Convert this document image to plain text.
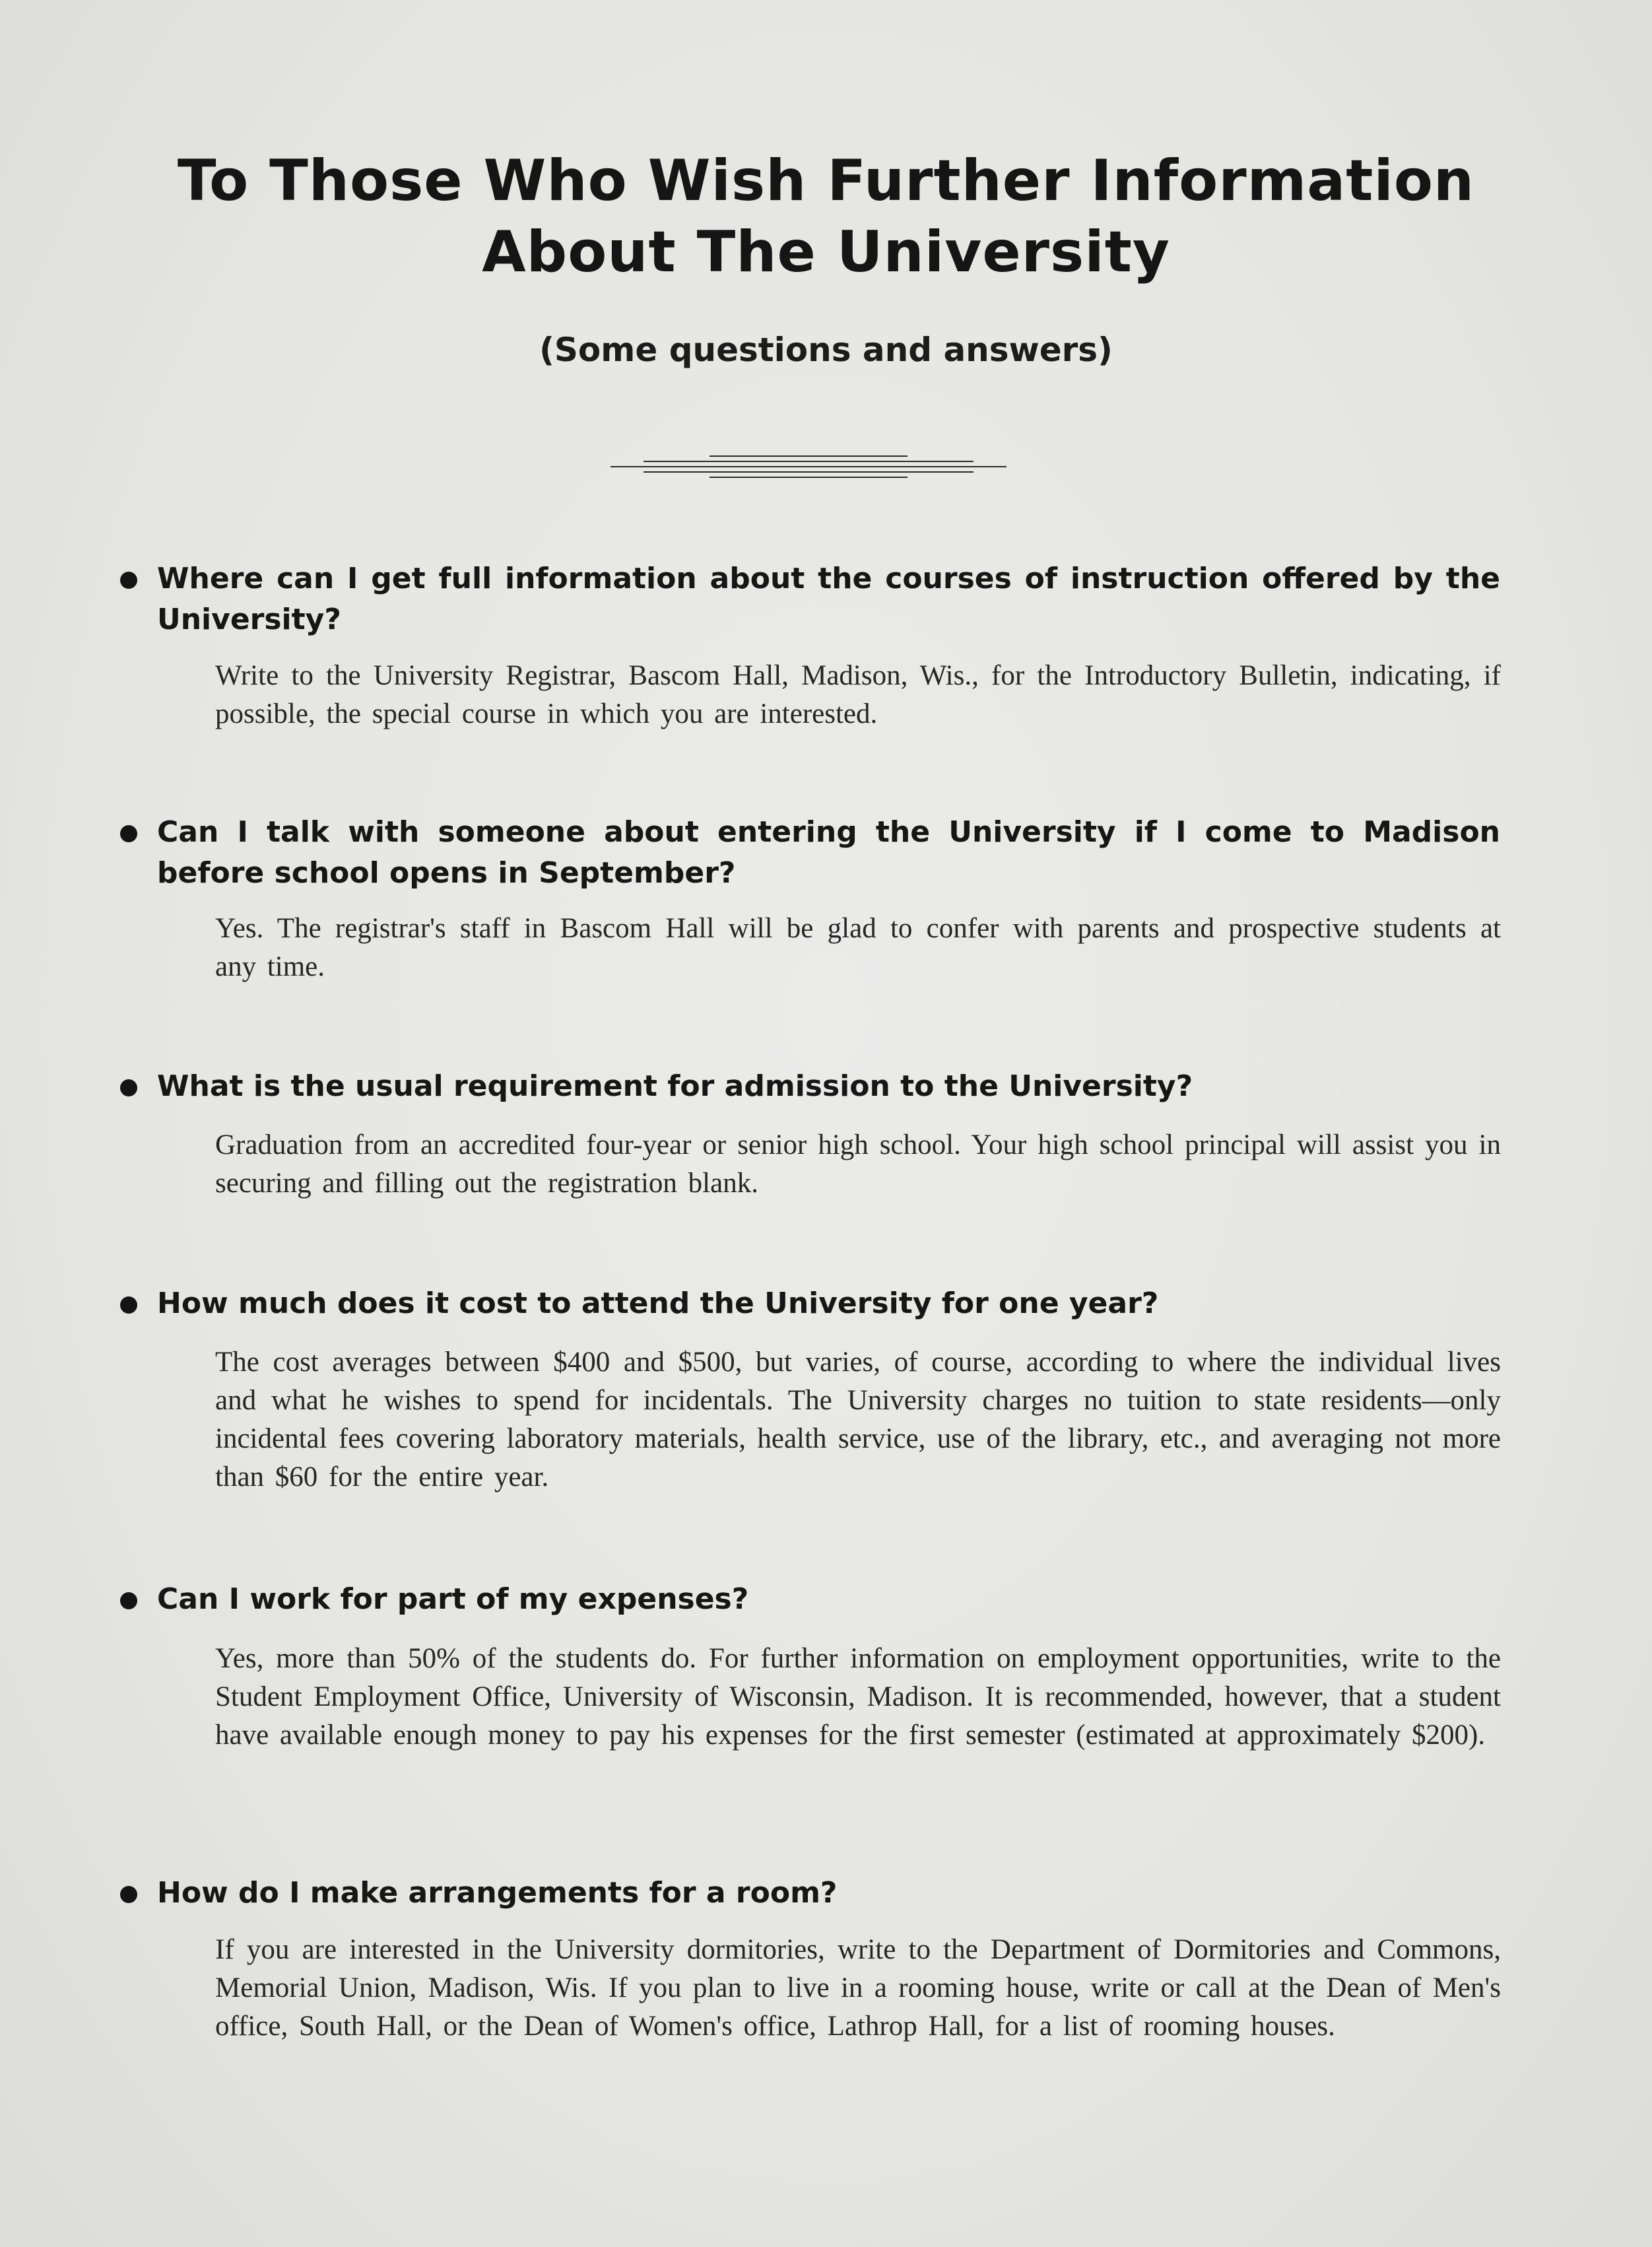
To Those Who Wish Further Information
About The University
(Some questions and answers)

Where can I get full information about the courses of instruction offered by the University?

Write to the University Registrar, Bascom Hall, Madison, Wis., for the Introductory Bulletin, indicating, if possible, the special course in which you are interested.

Can I talk with someone about entering the University if I come to Madison before school opens in September?

Yes. The registrar's staff in Bascom Hall will be glad to confer with parents and prospective students at any time.

What is the usual requirement for admission to the University?

Graduation from an accredited four-year or senior high school. Your high school principal will assist you in securing and filling out the registration blank.

How much does it cost to attend the University for one year?

The cost averages between $400 and $500, but varies, of course, according to where the individual lives and what he wishes to spend for incidentals. The University charges no tuition to state residents—only incidental fees covering laboratory materials, health service, use of the library, etc., and averaging not more than $60 for the entire year.

Can I work for part of my expenses?

Yes, more than 50% of the students do. For further information on employment opportunities, write to the Student Employment Office, University of Wisconsin, Madison. It is recommended, however, that a student have available enough money to pay his expenses for the first semester (estimated at approximately $200).

How do I make arrangements for a room?

If you are interested in the University dormitories, write to the Department of Dormitories and Commons, Memorial Union, Madison, Wis. If you plan to live in a rooming house, write or call at the Dean of Men's office, South Hall, or the Dean of Women's office, Lathrop Hall, for a list of rooming houses.
